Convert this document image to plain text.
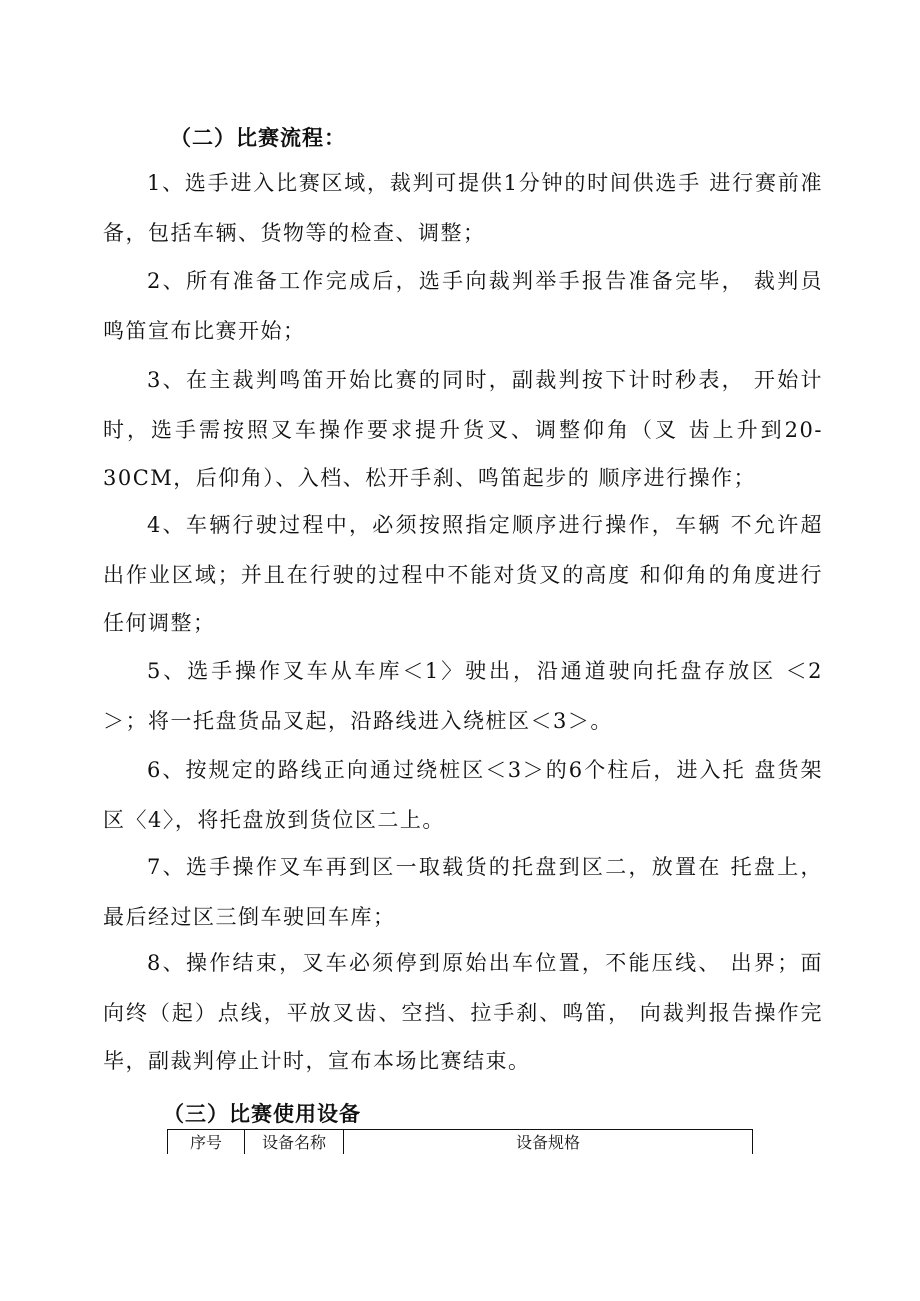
（二）比赛流程：
1、选手进入比赛区域，裁判可提供1分钟的时间供选手 进行赛前准
备，包括车辆、货物等的检查、调整；
2、所有准备工作完成后，选手向裁判举手报告准备完毕， 裁判员
鸣笛宣布比赛开始；
3、在主裁判鸣笛开始比赛的同时，副裁判按下计时秒表， 开始计
时，选手需按照叉车操作要求提升货叉、调整仰角（叉 齿上升到20-
30CM，后仰角）、入档、松开手刹、鸣笛起步的 顺序进行操作；
4、车辆行驶过程中，必须按照指定顺序进行操作，车辆 不允许超
出作业区域；并且在行驶的过程中不能对货叉的高度 和仰角的角度进行
任何调整；
5、选手操作叉车从车库＜1〉驶出，沿通道驶向托盘存放区 ＜2
＞；将一托盘货品叉起，沿路线进入绕桩区＜3＞。
6、按规定的路线正向通过绕桩区＜3＞的6个柱后，进入托 盘货架
区〈4〉，将托盘放到货位区二上。
7、选手操作叉车再到区一取载货的托盘到区二，放置在 托盘上，
最后经过区三倒车驶回车库；
8、操作结束，叉车必须停到原始出车位置，不能压线、 出界；面
向终（起）点线，平放叉齿、空挡、拉手刹、鸣笛， 向裁判报告操作完
毕，副裁判停止计时，宣布本场比赛结束。
（三）比赛使用设备
序号	设备名称	设备规格
